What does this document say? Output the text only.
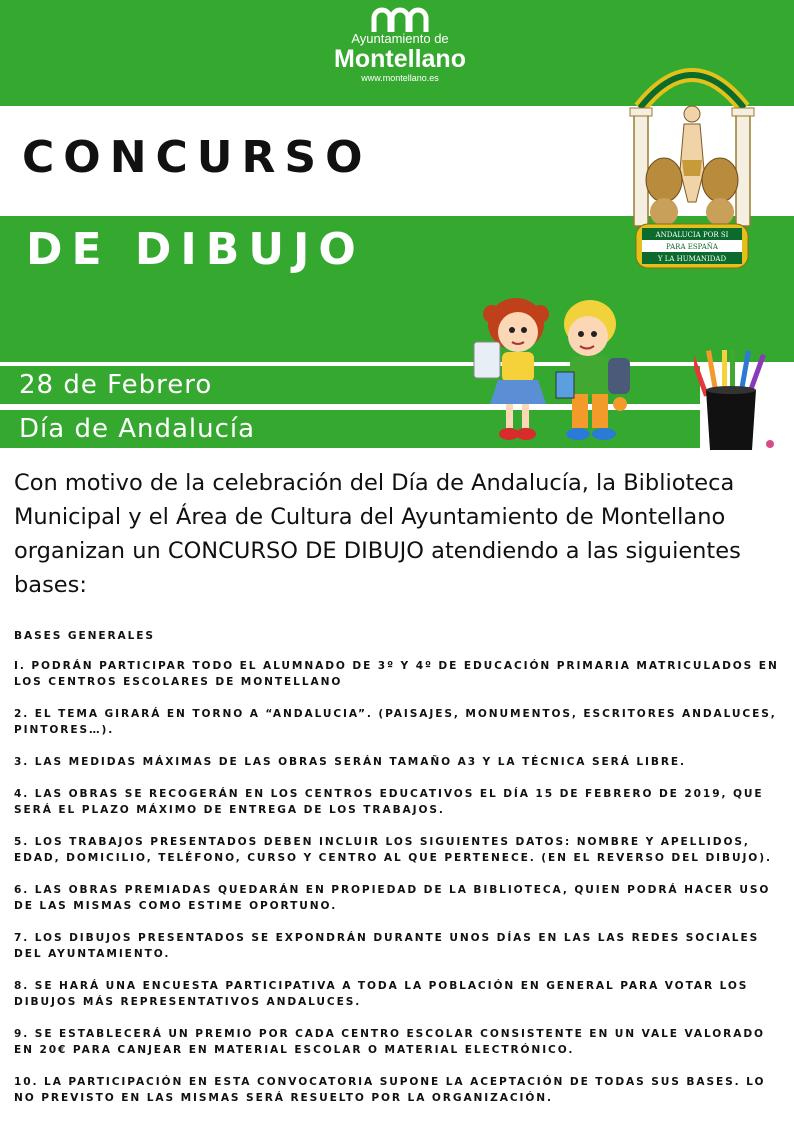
Ayuntamiento de
Montellano
www.montellano.es
CONCURSO
DE DIBUJO

28 de Febrero

Día de Andalucía

ANDALUCIA POR SI
PARA ESPAÑA
Y LA HUMANIDAD

Con motivo de la celebración del Día de Andalucía, la Biblioteca Municipal y el Área de Cultura del Ayuntamiento de Montellano organizan un CONCURSO DE DIBUJO atendiendo a las siguientes bases:

BASES GENERALES

I. PODRÁN PARTICIPAR TODO EL ALUMNADO DE 3º Y 4º DE EDUCACIÓN PRIMARIA MATRICULADOS EN LOS CENTROS ESCOLARES DE MONTELLANO

2. EL TEMA GIRARÁ EN TORNO A “ANDALUCIA”. (PAISAJES, MONUMENTOS, ESCRITORES ANDALUCES, PINTORES…).

3. LAS MEDIDAS MÁXIMAS DE LAS OBRAS SERÁN TAMAÑO A3 Y LA TÉCNICA SERÁ LIBRE.

4. LAS OBRAS SE RECOGERÁN EN LOS CENTROS EDUCATIVOS EL DÍA 15 DE FEBRERO DE 2019, QUE SERÁ EL PLAZO MÁXIMO DE ENTREGA DE LOS TRABAJOS.

5. LOS TRABAJOS PRESENTADOS DEBEN INCLUIR LOS SIGUIENTES DATOS: NOMBRE Y APELLIDOS, EDAD, DOMICILIO, TELÉFONO, CURSO Y CENTRO AL QUE PERTENECE. (EN EL REVERSO DEL DIBUJO).

6. LAS OBRAS PREMIADAS QUEDARÁN EN PROPIEDAD DE LA BIBLIOTECA, QUIEN PODRÁ HACER USO DE LAS MISMAS COMO ESTIME OPORTUNO.

7. LOS DIBUJOS PRESENTADOS SE EXPONDRÁN DURANTE UNOS DÍAS EN LAS LAS REDES SOCIALES DEL AYUNTAMIENTO.

8. SE HARÁ UNA ENCUESTA PARTICIPATIVA A TODA LA POBLACIÓN EN GENERAL PARA VOTAR LOS DIBUJOS MÁS REPRESENTATIVOS ANDALUCES.

9. SE ESTABLECERÁ UN PREMIO POR CADA CENTRO ESCOLAR CONSISTENTE EN UN VALE VALORADO EN 20€ PARA CANJEAR EN MATERIAL ESCOLAR O MATERIAL ELECTRÓNICO.

10. LA PARTICIPACIÓN EN ESTA CONVOCATORIA SUPONE LA ACEPTACIÓN DE TODAS SUS BASES. LO NO PREVISTO EN LAS MISMAS SERÁ RESUELTO POR LA ORGANIZACIÓN.
